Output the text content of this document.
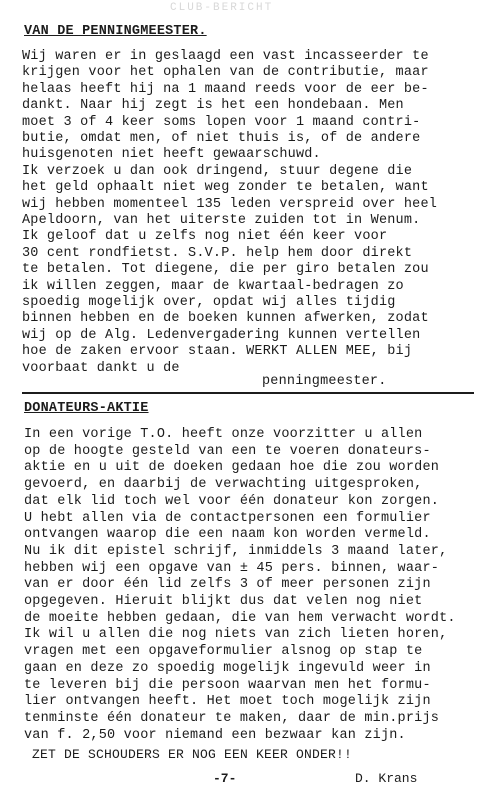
CLUB-BERICHT
VAN DE PENNINGMEESTER.
Wij waren er in geslaagd een vast incasseerder te
krijgen voor het ophalen van de contributie, maar
helaas heeft hij na 1 maand reeds voor de eer be-
dankt. Naar hij zegt is het een hondebaan. Men
moet 3 of 4 keer soms lopen voor 1 maand contri-
butie, omdat men, of niet thuis is, of de andere
huisgenoten niet heeft gewaarschuwd.
Ik verzoek u dan ook dringend, stuur degene die
het geld ophaalt niet weg zonder te betalen, want
wij hebben momenteel 135 leden verspreid over heel
Apeldoorn, van het uiterste zuiden tot in Wenum.
Ik geloof dat u zelfs nog niet één keer voor
30 cent rondfietst. S.V.P. help hem door direkt
te betalen. Tot diegene, die per giro betalen zou
ik willen zeggen, maar de kwartaal-bedragen zo
spoedig mogelijk over, opdat wij alles tijdig
binnen hebben en de boeken kunnen afwerken, zodat
wij op de Alg. Ledenvergadering kunnen vertellen
hoe de zaken ervoor staan. WERKT ALLEN MEE, bij
voorbaat dankt u de
penningmeester.
DONATEURS-AKTIE
In een vorige T.O. heeft onze voorzitter u allen
op de hoogte gesteld van een te voeren donateurs-
aktie en u uit de doeken gedaan hoe die zou worden
gevoerd, en daarbij de verwachting uitgesproken,
dat elk lid toch wel voor één donateur kon zorgen.
U hebt allen via de contactpersonen een formulier
ontvangen waarop die een naam kon worden vermeld.
Nu ik dit epistel schrijf, inmiddels 3 maand later,
hebben wij een opgave van ± 45 pers. binnen, waar-
van er door één lid zelfs 3 of meer personen zijn
opgegeven. Hieruit blijkt dus dat velen nog niet
de moeite hebben gedaan, die van hem verwacht wordt.
Ik wil u allen die nog niets van zich lieten horen,
vragen met een opgaveformulier alsnog op stap te
gaan en deze zo spoedig mogelijk ingevuld weer in
te leveren bij die persoon waarvan men het formu-
lier ontvangen heeft. Het moet toch mogelijk zijn
tenminste één donateur te maken, daar de min.prijs
van f. 2,50 voor niemand een bezwaar kan zijn.
ZET DE SCHOUDERS ER NOG EEN KEER ONDER!!
-7-	D. Krans
